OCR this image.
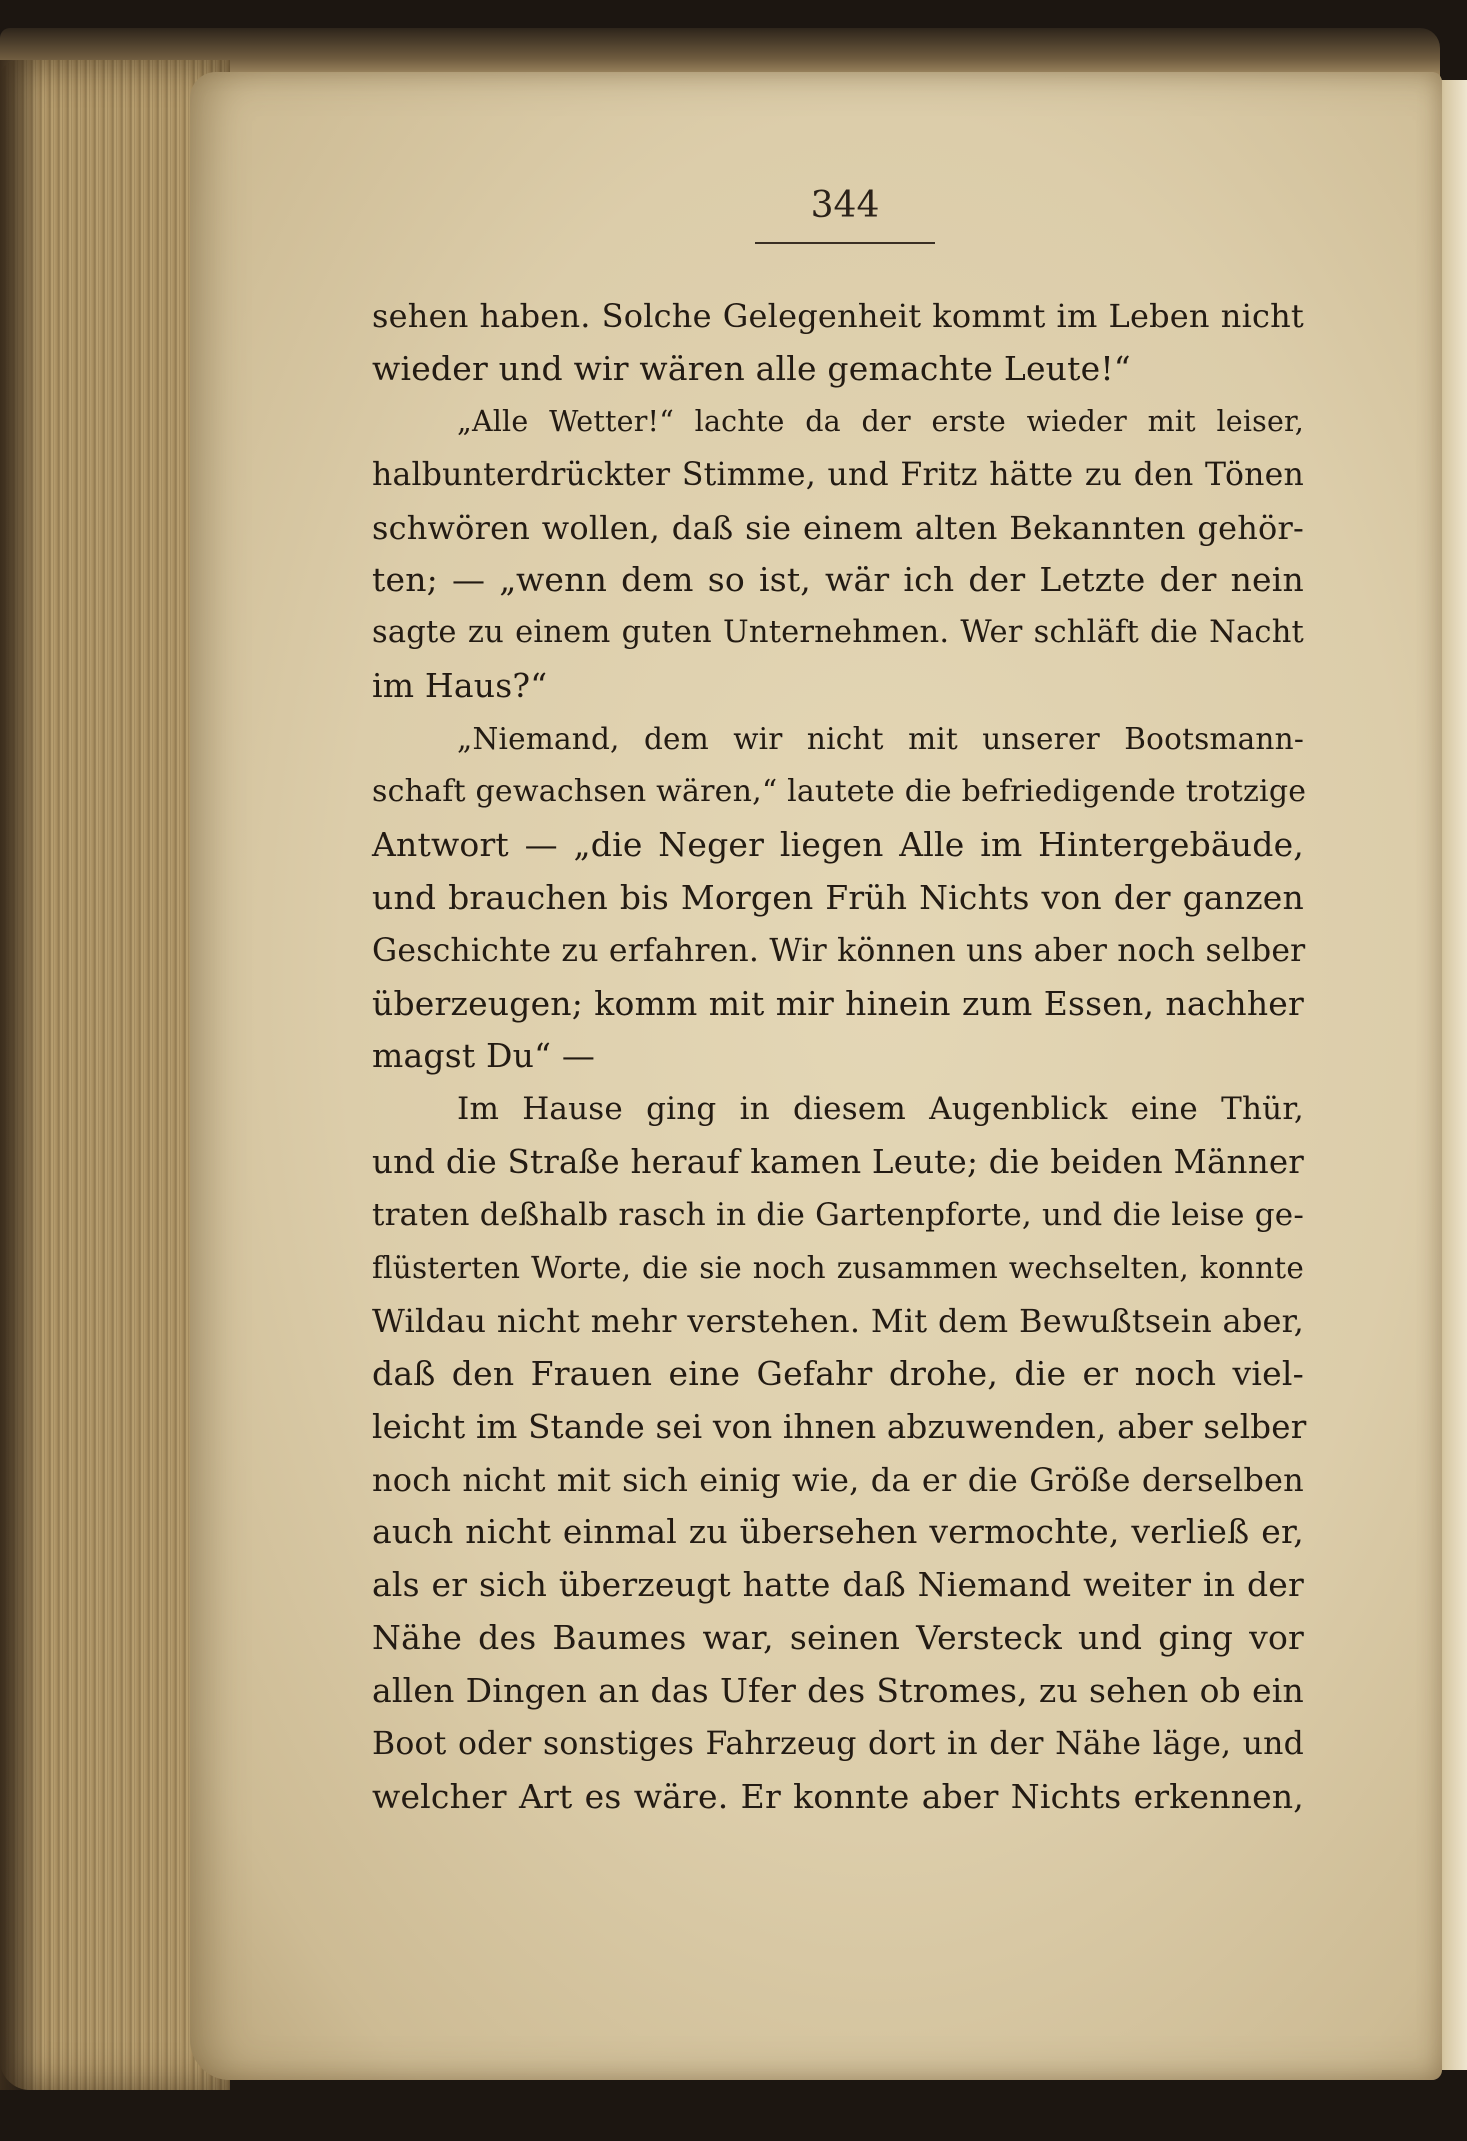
344
sehen haben. Solche Gelegenheit kommt im Leben nicht
wieder und wir wären alle gemachte Leute!“
„Alle Wetter!“ lachte da der erste wieder mit leiser,
halbunterdrückter Stimme, und Fritz hätte zu den Tönen
schwören wollen, daß sie einem alten Bekannten gehör-
ten; — „wenn dem so ist, wär ich der Letzte der nein
sagte zu einem guten Unternehmen. Wer schläft die Nacht
im Haus?“
„Niemand, dem wir nicht mit unserer Bootsmann-
schaft gewachsen wären,“ lautete die befriedigende trotzige
Antwort — „die Neger liegen Alle im Hintergebäude,
und brauchen bis Morgen Früh Nichts von der ganzen
Geschichte zu erfahren. Wir können uns aber noch selber
überzeugen; komm mit mir hinein zum Essen, nachher
magst Du“ —
Im Hause ging in diesem Augenblick eine Thür,
und die Straße herauf kamen Leute; die beiden Männer
traten deßhalb rasch in die Gartenpforte, und die leise ge-
flüsterten Worte, die sie noch zusammen wechselten, konnte
Wildau nicht mehr verstehen. Mit dem Bewußtsein aber,
daß den Frauen eine Gefahr drohe, die er noch viel-
leicht im Stande sei von ihnen abzuwenden, aber selber
noch nicht mit sich einig wie, da er die Größe derselben
auch nicht einmal zu übersehen vermochte, verließ er,
als er sich überzeugt hatte daß Niemand weiter in der
Nähe des Baumes war, seinen Versteck und ging vor
allen Dingen an das Ufer des Stromes, zu sehen ob ein
Boot oder sonstiges Fahrzeug dort in der Nähe läge, und
welcher Art es wäre. Er konnte aber Nichts erkennen,
